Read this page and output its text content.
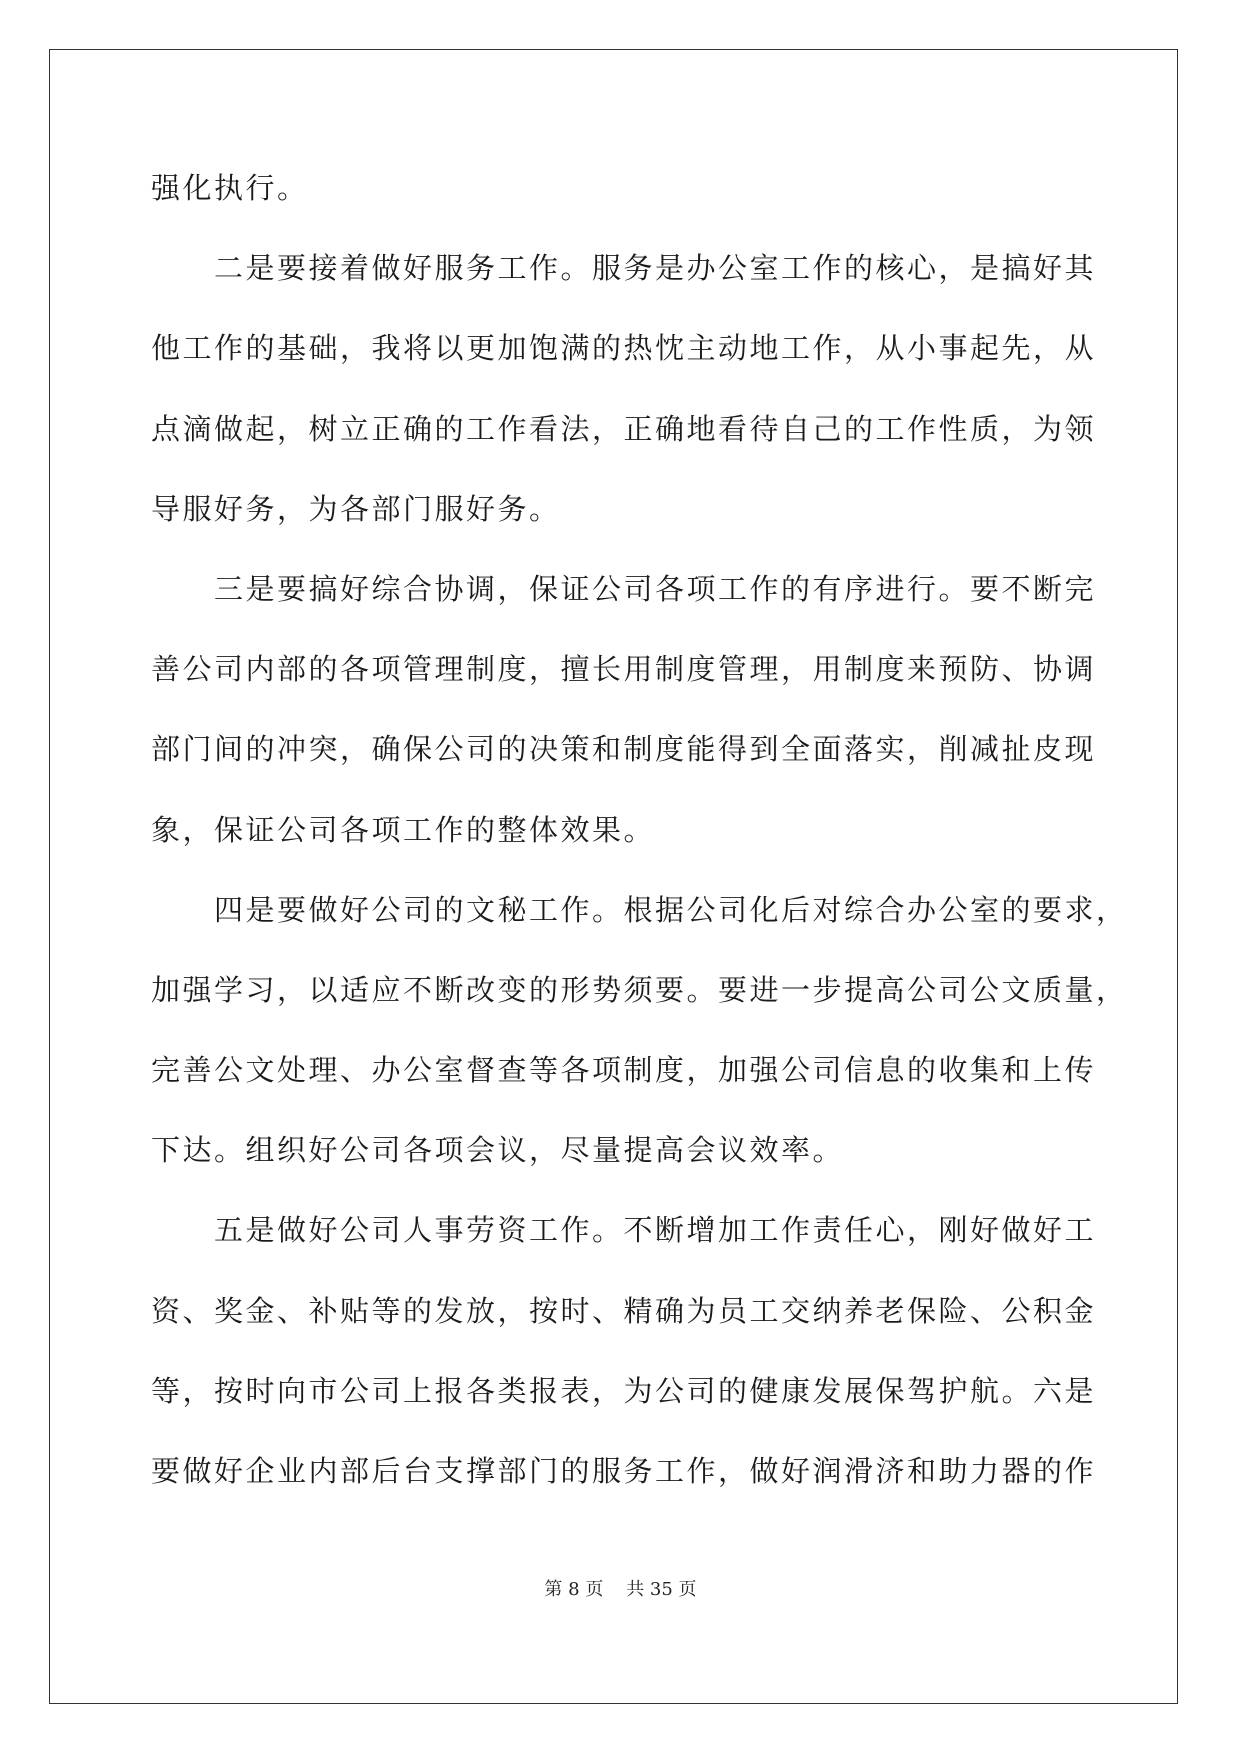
强化执行。
二是要接着做好服务工作。服务是办公室工作的核心，是搞好其
他工作的基础，我将以更加饱满的热忱主动地工作，从小事起先，从
点滴做起，树立正确的工作看法，正确地看待自己的工作性质，为领
导服好务，为各部门服好务。
三是要搞好综合协调，保证公司各项工作的有序进行。要不断完
善公司内部的各项管理制度，擅长用制度管理，用制度来预防、协调
部门间的冲突，确保公司的决策和制度能得到全面落实，削减扯皮现
象，保证公司各项工作的整体效果。
四是要做好公司的文秘工作。根据公司化后对综合办公室的要求，
加强学习，以适应不断改变的形势须要。要进一步提高公司公文质量，
完善公文处理、办公室督查等各项制度，加强公司信息的收集和上传
下达。组织好公司各项会议，尽量提高会议效率。
五是做好公司人事劳资工作。不断增加工作责任心，刚好做好工
资、奖金、补贴等的发放，按时、精确为员工交纳养老保险、公积金
等，按时向市公司上报各类报表，为公司的健康发展保驾护航。六是
要做好企业内部后台支撑部门的服务工作，做好润滑济和助力器的作
第 8 页    共 35 页
